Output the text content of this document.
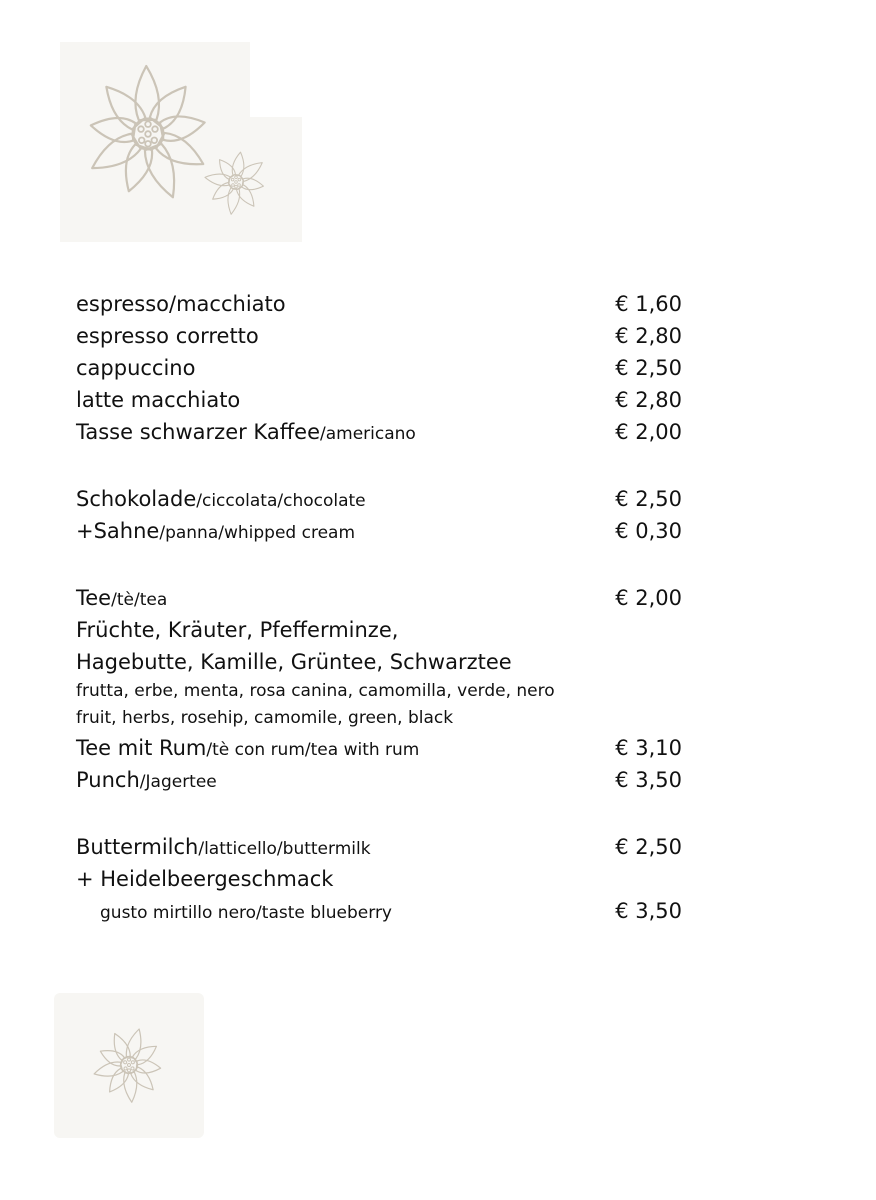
espresso/macchiato	€ 1,60
espresso corretto	€ 2,80
cappuccino	€ 2,50
latte macchiato	€ 2,80
Tasse schwarzer Kaffee/americano	€ 2,00
Schokolade/ciccolata/chocolate	€ 2,50
+Sahne/panna/whipped cream	€ 0,30
Tee/tè/tea	€ 2,00
Früchte, Kräuter, Pfefferminze,
Hagebutte, Kamille, Grüntee, Schwarztee
frutta, erbe, menta, rosa canina, camomilla, verde, nero
fruit, herbs, rosehip, camomile, green, black
Tee mit Rum/tè con rum/tea with rum	€ 3,10
Punch/Jagertee	€ 3,50
Buttermilch/latticello/buttermilk	€ 2,50
+ Heidelbeergeschmack
gusto mirtillo nero/taste blueberry	€ 3,50
